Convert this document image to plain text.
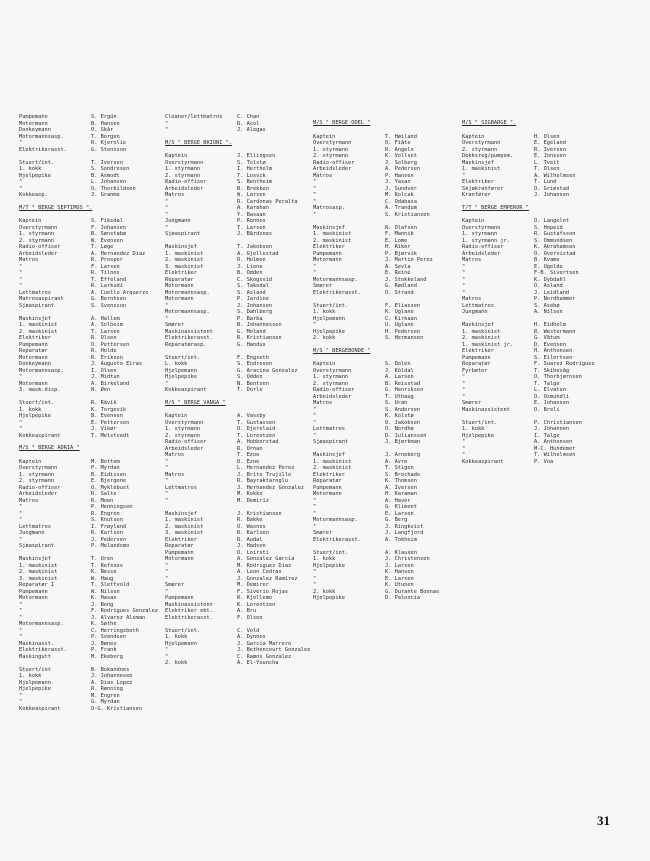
Pumpemann	S. Ergün
Motormann	B. Hansen
Donkeymann	O. Skår
Motormannsasp.	T. Borgen
"	R. Kjernlie
Elektrikerasst.	G. Stensson
Stuert/int.	T. Iversen
1. kokk	S. Sondresen
Hjelpepike	B. Asmodt
"	L. Johansen
"	O. Thorkildsen
Kokkeasp.	J. Granmo
M/T " BERGE SEPTIMUS ".
Kaptein	S. Fiksdal
Overstyrmann	F. Johansen
1. styrmann	B. Sønstabø
2. styrmann	W. Evensen
Radio-offiser	T. Løge
Arbeidsleder	A. Hernandez Diaz
Matros	R. Prosper
"	F. Larsen
"	R. Tilnes
"	T. Effeland
"	R. Larkudi
Lettmatros	A. Cuello Arquerzo
Matrosaspirant	G. Bernhsen
Sjøaspirant	S. Svensson
Maskinsjef	A. Hallem
1. maskinist	A. Solheim
2. maskinist	T. Larsen
Elektriker	R. Olsen
Pumpemann	O. Pettersen
Reparatør	R. Holde
Motormann	R. Eriksen
Donkeymann	J. Augusto Eiras
Motormannsasp.	I. Olsen
"	J. Midtun
Motormann	A. Birkeland
3. mask.disp.	N. Øen
Stuert/int.	R. Rävik
1. kokk	K. Torgevik
Hjelpepike	B. Evensen
"	E. Pettersen
"	J. Vikør
Kokkeaspirant	T. Melstvedt
M/S " BERGE ADRIA "
Kaptein	M. Bottem
Overstyrmann	P. Myrdan
1. styrmann	B. Eidissen
2. styrmann	E. Bjergene
Radio-offiser	O. Myklebust
Arbeidsleder	R. Salte
Matros	R. Moen
"	P. Henningsen
"	R. Engren
"	S. Knutsen
Lettmatros	I. Frøyland
Jungmann	R. Karlsen
"	J. Pedersen
Sjøaspirant	P. Melandsmo
Maskinsjef	T. Uren
1. maskinist	T. Refsnes
2. maskinist	K. Nesse
3. maskinist	W. Haug
Reparatør I	T. Slettvold
Pumpemann	W. Nilsen
Motormann	K. Hasan
"	J. Bong
"	F. Rodrigues Gonzalez
"	J. Alvarez Aleman
Motormannsasp.	K. Søthe
"	C. Herringsboth
"	P. Svendsen
Maskinasst.	J. Bønes
Elektrikerasst.	P. Frank
Maskingutt	M. Ekeberg
Stuert/int	B. Bokandnes
1. kokk	J. Johannesen
Hjelpemann	A. Dias Lopez
Hjelpepike	R. Rønning
"	M. Engren
"	G. Myrdan
Kokkeaspirant	O-G. Kristiansen
Cleaner/lettmatros	C. Chan
"	R. Acol
"	J. Alegas
M/S " BERGE BRIONI ".
Kaptein	J. Ellingsen
Overstyrmann	S. Tolstø
1. styrmann	I. Hertholm
2. styrmann	T. Losvik
Radio-offiser	S. Bentheim
Arbeidsleder	B. Brekken
Matros	W. Larsen
"	R. Cardonas Peralta
"	A. Karahan
"	Y. Basaan
Jungmann	P. Ronnes
"	T. Larsen
Sjøaspirant	J. Bårdsnes
Maskinsjef	T. Jakobsen
1. maskinist	A. Gjellestad
2. maskinist	O. Holmen
3. maskinist	J. Liene
Elektriker	B. Odden
Reparatør	C. Skogsvid
Motormann	S. Takodal
Motormannsasp.	S. Åsland
Motormann	P. Jardine
"	J. Johansen
Motormannsasp.	S. Dahlberg
"	P. Barba
Smører	B. Johannessen
Maskinassistent	G. Moland
Elektrikerasst.	R. Kristiansen
Reparatørasp.	G. Handus
Stuert/int.	F. Engseth
L. kokk	S. Endresen
Hjelpemann	G. Aracina Gonzalez
Hjelpepike	S. Odden
"	N. Bentsen
Kokkeaspirant	T. Dorle
M/S " BERGE VANGA "
Kaptein	A. Vassby
Overstyrmann	T. Gustavsen
1. styrmann	O. Djerelaid
2. styrmann	T. Lorentzen
Radio-offiser	A. Hobberstad
Arbeidsleder	R. Ornan
Matros	T. Ezoe
"	O. Ezoe
"	L. Hernandez Perez
Matros	J. Brito Trujillo
"	R. Bayraktaroglu
Lettmatros	J. Hernandez Gonzalez
"	M. Kokko
"	M. Demiriz
Maskinsjef	J. Kristiansen
1. maskinist	R. Bakke
2. maskinist	O. Wasnes
3. maskinist	R. Karlsen
Elektriker	R. Audal
Reparatør	J. Hadson
Pumpemann	O. Loirsti
Motormann	A. Gonzalez Garcia
"	M. Rodriguez Diaz
"	A. Leon Cedras
"	J. Gonzalez Ramirez
Smører	M. Demirer
"	F. Siverio Rojas
Pumpemann	R. Kjellemo
Maskinassistent	K. Lorentzen
Elektriker ekt.	A. Bru
Elektrikerasst.	F. Olsen
Stuert/int.	C. Vold
1. kokk	A. Dynnes
Hjelpemann	J. Garcia Marrero
"	J. Bethencourt Gonzalez
"	C. Ramos Gonzalez
2. kokk	A. El-Youncha
M/S " BERGE ODEL "
Kaptein	T. Høiland
Overstyrmann	O. Fiåte
1. styrmann	R. Angelo
2. styrmann	K. Vollset
Radio-offiser	J. Solberg
Arbeidsleder	A. Pedersen
Matros	P. Hansen
"	J. Yasan
"	J. Sundvor
"	M. Kolcak
"	C. Odabasa
Matrosasp.	A. Trandum
"	S. Kristiansen
Maskinsjef	R. Olafsen
1. maskinist	F. Mannik
2. maskinist	E. Lome
Elektriker	H. Riker
Pumpemann	P. Bjørvik
Motormann	J. Martin Perez
"	A. Sevla
"	E. Reine
Motormannsasp.	J. Stokkeland
Smører	G. Rødland
Elektrikerasst.	O. Strand
Stuert/int.	F. Eliassen
1. kokk	K. Uglane
Hjelpemann	C. Kirkaan
"	U. Uglane
Hjelpepike	H. Pedersen
2. kokk	S. Hermansen
M/S " BERGEBONDE "
Kaptein	S. Dolen
Overstyrmann	J. Köldal
1. styrmann	A. Larsen
2. styrmann	B. Reisstad
Radio-offiser	G. Henriksen
Arbeidsleder	T. Uthaug
Matros	S. Uran
"	S. Andersen
"	K. Kolstø
"	O. Jakobsen
Lettmatros	O. Nordhø
"	D. Julianssen
Sjøaspirant	J. Bjørkman
Maskinsjef	J. Arneberg
1. maskinist	A. Åvre
2. maskinist	T. Stigen
Elektriker	S. Brochado
Reparatør	K. Thomsen
Pumpemann	A. Iversen
Motormann	H. Karaman
"	A. Haver
"	G. Kliment
"	E. Larsen
Motormannsasp.	G. Berg
"	J. Ringkvist
Smører	J. Langfjord
Elektrikerasst.	A. Tokheim
Stuert/int.	A. Klausen
1. kokk	J. Christensen
Hjelpepike	J. Larsen
"	K. Hansen
"	E. Larsen
"	K. Utunen
2. kokk	G. Durante Boenas
Hjelpepike	D. Palencia
M/S " SIGBARGE ".
Kaptein	H. Olsen
Overstyrmann	E. Egeland
2. styrmann	R. Iversen
Dekksreg/pumpem.	E. Jonssen
Maskinsjef	L. Tveit
1. maskinist	T. Olsen
"	A. Wilhelmsen
Elektriker	T. Lund
Skjøkranfører	O. Grimstad
Kranfører	J. Johansen
T/T " BERGE EMPEROR "
Kaptein	O. Langelet
Overstyrmann	S. Hopeid
1. styrmann	R. Gustafsson
1. styrmann jr.	S. Ommundsen
Radio-offiser	K. Abrahamsen
Arbeidsleder	O. Overvistad
Matros	B. Kvame
"	E. Ugelde
"	F-B. Sivertsen
"	K. Dybdahl
"	O. Åsland
"	J. Leidland
Matros	P. Nordhammer
Lettmatros	S. Åsebø
Jungmann	A. Nilsen
Maskinsjef	H. Eidholm
1. maskinist	R. Westermann
2. maskinist	G. Våtum
1. maskinist jr.	D. Evensen
Elektriker	H. Anthonsen
Pumpemann	S. Eilertsen
Reparatør	F. Suarez Rodriguez
Fyrbøter	T. Skibevåg
"	O. Thorbjørnsen
"	T. Talge
"	L. Elvatun
"	O. Osmundli
Smører	E. Johansen
Maskinassistent	O. Breli
Stuert/int.	P. Christiansen
1. kokk	J. Johannen
Hjelpepike	I. Talge
"	A. Anthonsen
"	M-C. Hundemer
"	T. Wilhelmsen
Kokkeaspirant	P. Voa
31
